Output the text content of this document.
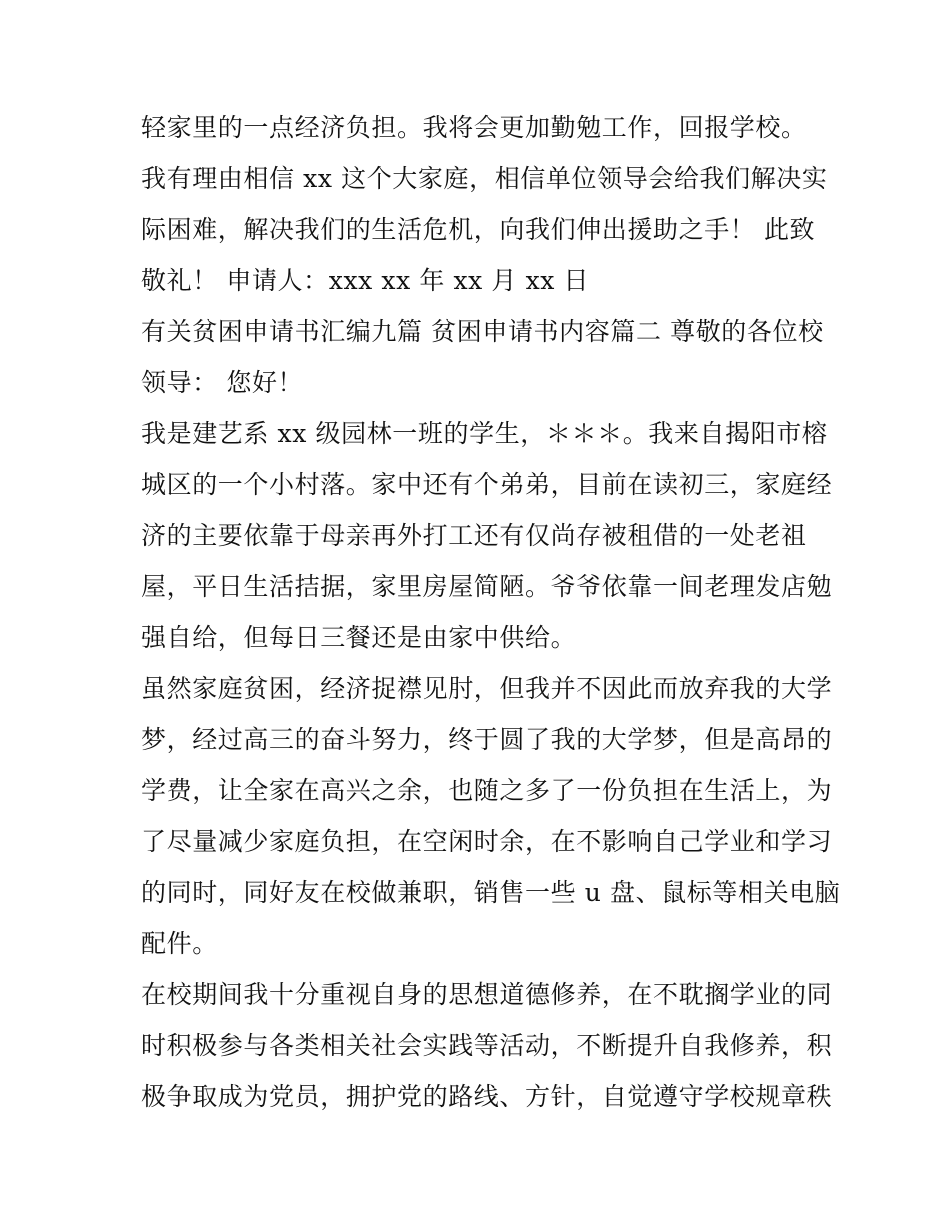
轻家里的一点经济负担。我将会更加勤勉工作，回报学校。
我有理由相信 xx 这个大家庭，相信单位领导会给我们解决实
际困难，解决我们的生活危机，向我们伸出援助之手！ 此致
敬礼！ 申请人：xxx xx 年 xx 月 xx 日
有关贫困申请书汇编九篇 贫困申请书内容篇二 尊敬的各位校
领导： 您好！
我是建艺系 xx 级园林一班的学生，＊＊＊。我来自揭阳市榕
城区的一个小村落。家中还有个弟弟，目前在读初三，家庭经
济的主要依靠于母亲再外打工还有仅尚存被租借的一处老祖
屋，平日生活拮据，家里房屋简陋。爷爷依靠一间老理发店勉
强自给，但每日三餐还是由家中供给。
虽然家庭贫困，经济捉襟见肘，但我并不因此而放弃我的大学
梦，经过高三的奋斗努力，终于圆了我的大学梦，但是高昂的
学费，让全家在高兴之余，也随之多了一份负担在生活上，为
了尽量减少家庭负担，在空闲时余，在不影响自己学业和学习
的同时，同好友在校做兼职，销售一些 u 盘、鼠标等相关电脑
配件。
在校期间我十分重视自身的思想道德修养，在不耽搁学业的同
时积极参与各类相关社会实践等活动，不断提升自我修养，积
极争取成为党员，拥护党的路线、方针，自觉遵守学校规章秩
